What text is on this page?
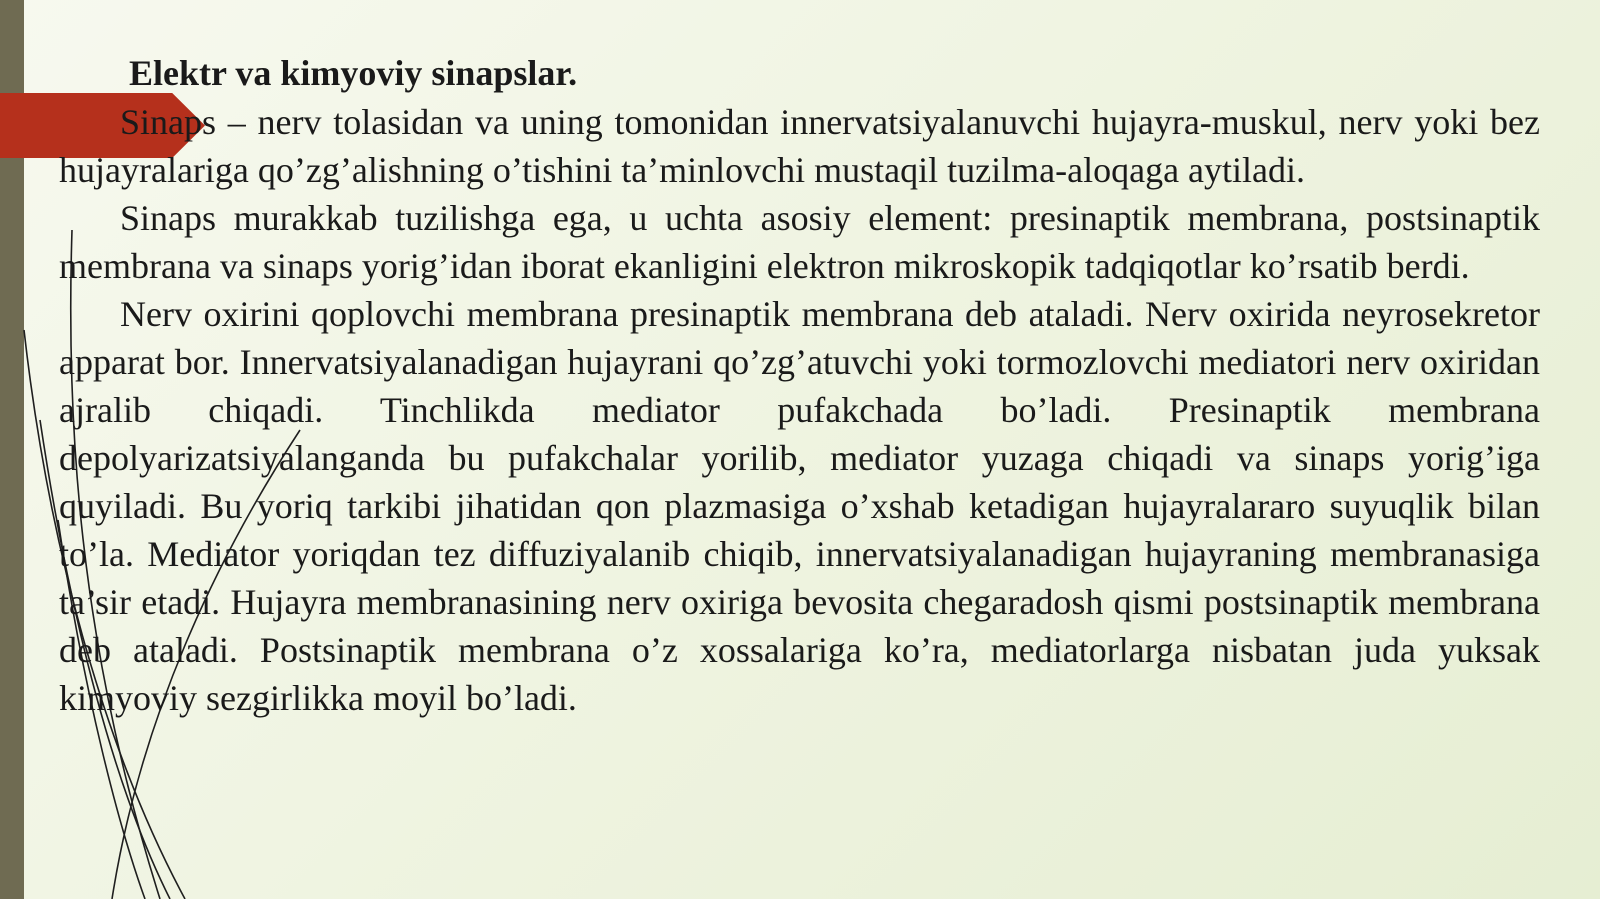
Elektr va kimyoviy sinapslar.

Sinaps – nerv tolasidan va uning tomonidan innervatsiyalanuvchi hujayra-muskul, nerv yoki bez hujayralariga qo’zg’alishning o’tishini ta’minlovchi mustaqil tuzilma-aloqaga aytiladi.

Sinaps murakkab tuzilishga ega, u uchta asosiy element: presinaptik membrana, postsinaptik membrana va sinaps yorig’idan iborat ekanligini elektron mikroskopik tadqiqotlar ko’rsatib berdi.

Nerv oxirini qoplovchi membrana presinaptik membrana deb ataladi. Nerv oxirida neyrosekretor apparat bor. Innervatsiyalanadigan hujayrani qo’zg’atuvchi yoki tormozlovchi mediatori nerv oxiridan ajralib chiqadi. Tinchlikda mediator pufakchada bo’ladi. Presinaptik membrana depolyarizatsiyalanganda bu pufakchalar yorilib, mediator yuzaga chiqadi va sinaps yorig’iga quyiladi. Bu yoriq tarkibi jihatidan qon plazmasiga o’xshab ketadigan hujayralararo suyuqlik bilan to’la. Mediator yoriqdan tez diffuziyalanib chiqib, innervatsiyalanadigan hujayraning membranasiga ta’sir etadi. Hujayra membranasining nerv oxiriga bevosita chegaradosh qismi postsinaptik membrana deb ataladi. Postsinaptik membrana o’z xossalariga ko’ra, mediatorlarga nisbatan juda yuksak kimyoviy sezgirlikka moyil bo’ladi.
